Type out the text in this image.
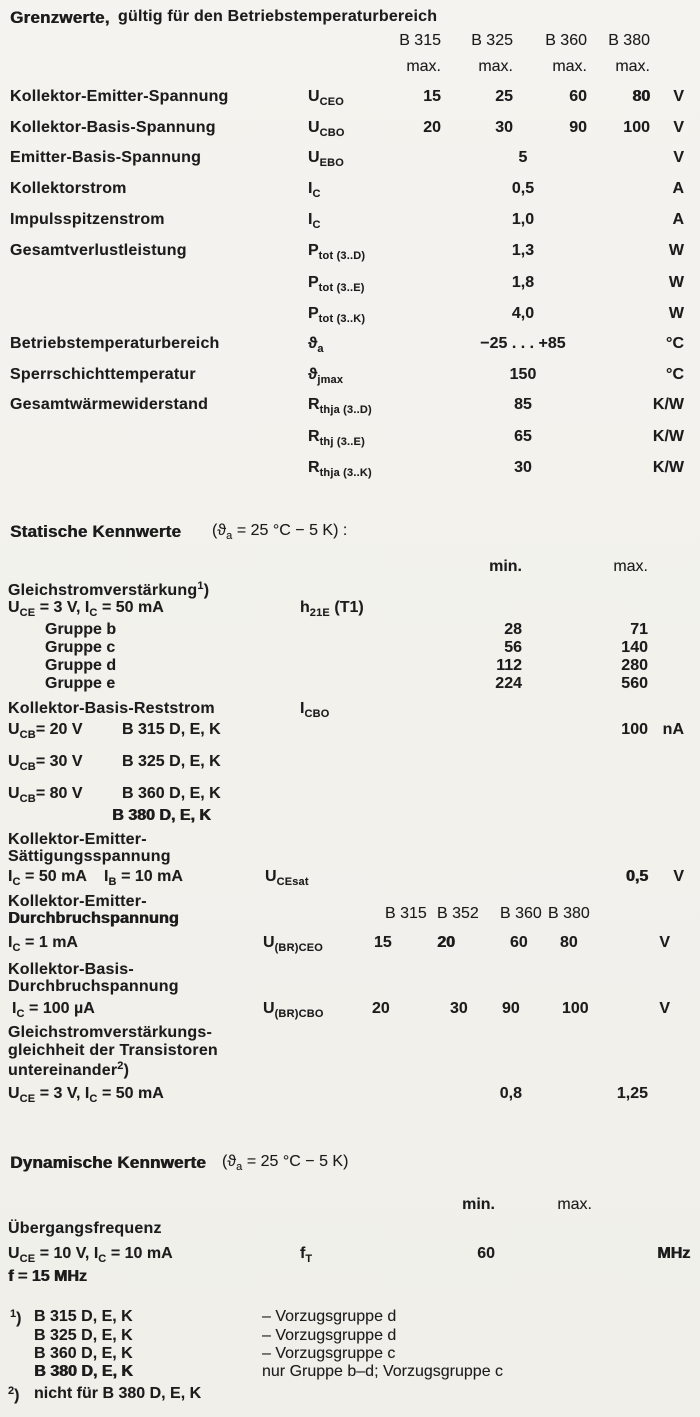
Grenzwerte, gültig für den Betriebstemperaturbereich
B 315 B 325 B 360 B 380
max. max. max. max.
Kollektor-Emitter-Spannung	$U_{CEO}$	15	25	60	80 V
Kollektor-Basis-Spannung	$U_{CBO}$	20	30	90 100 V
Emitter-Basis-Spannung	$U_{EBO}$	5	V
Kollektorstrom	$I_C$	0,5	A
Impulsspitzenstrom	$I_C$	1,0	A
Gesamtverlustleistung	$P_{tot (3..D)}$	1,3	W
$P_{tot (3..E)}$	1,8	W
$P_{tot (3..K)}$	4,0	W
Betriebstemperaturbereich	$ϑ_a$	−25 . . . +85	°C
Sperrschichttemperatur	$ϑ_{jmax}$	150	°C
Gesamtwärmewiderstand	$R_{thja (3..D)}$	85	K/W
$R_{thj (3..E)}$	65	K/W
$R_{thja (3..K)}$	30	K/W
Statische Kennwerte ($ϑ_a = 25$ °C − 5 K) :
min.	max.
Gleichstromverstärkung$^1$)
$U_{CE} = 3$ V, $I_C = 50$ mA	$h_{21E}$ (T1)
Gruppe b	28	71
Gruppe c	56	140
Gruppe d	112	280
Gruppe e	224	560
Kollektor-Basis-Reststrom	$I_{CBO}$
$U_{CB}= 20$ V B 315 D, E, K	100 nA
$U_{CB}= 30$ V B 325 D, E, K
$U_{CB}= 80$ V B 360 D, E, K
B 380 D, E, K
Kollektor-Emitter-
Sättigungsspannung
$I_C = 50$ mA    $I_B = 10$ mA	$U_{CEsat}$	0,5 V
Kollektor-Emitter-
B 315 B 352 B 360 B 380
Durchbruchspannung
$I_C = 1$ mA	$U_{(BR)CEO}$	15	20	60 80	V
Kollektor-Basis-
Durchbruchspannung
$I_C = 100$ µA	$U_{(BR)CBO}$	20	30 90	100	V
Gleichstromverstärkungs-
gleichheit der Transistoren
untereinander$^2$)
$U_{CE} = 3$ V, $I_C = 50$ mA	0,8	1,25
Dynamische Kennwerte ($ϑ_a = 25$ °C − 5 K)
min.	max.
Übergangsfrequenz
$U_{CE} = 10$ V, $I_C = 10$ mA	$f_T$	60	MHz
f = 15 MHz
$^1$) B 315 D, E, K	– Vorzugsgruppe d
B 325 D, E, K	– Vorzugsgruppe d
B 360 D, E, K	– Vorzugsgruppe c
B 380 D, E, K	nur Gruppe b–d; Vorzugsgruppe c
$^2$) nicht für B 380 D, E, K
